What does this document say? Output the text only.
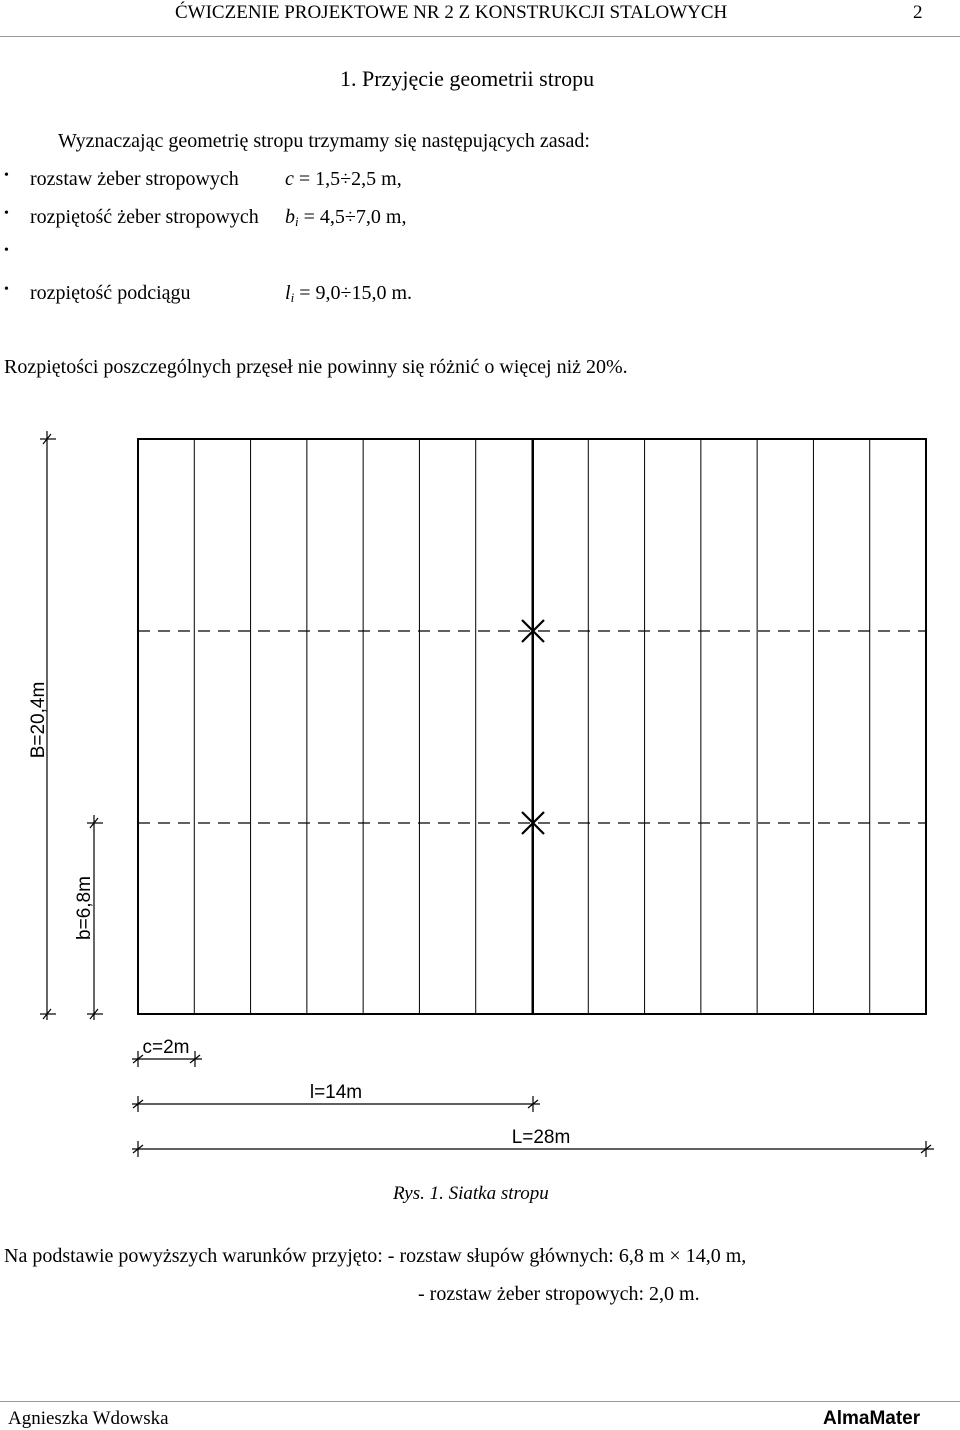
ĆWICZENIE PROJEKTOWE NR 2 Z KONSTRUKCJI STALOWYCH	2
1. Przyjęcie geometrii stropu
Wyznaczając geometrię stropu trzymamy się następujących zasad:
• rozstaw żeber stropowych c = 1,5÷2,5 m,
• rozpiętość żeber stropowych $b_i = 4,5\div 7,0$ m,
•
• rozpiętość podciągu	$l_i = 9,0\div 15,0$ m.
Rozpiętości poszczególnych przęseł nie powinny się różnić o więcej niż 20%.
B=20,4m
b=6,8m
c=2m
l=14m
L=28m
Rys. 1. Siatka stropu
Na podstawie powyższych warunków przyjęto: - rozstaw słupów głównych: 6,8 m × 14,0 m,
- rozstaw żeber stropowych: 2,0 m.
Agnieszka Wdowska	AlmaMater
